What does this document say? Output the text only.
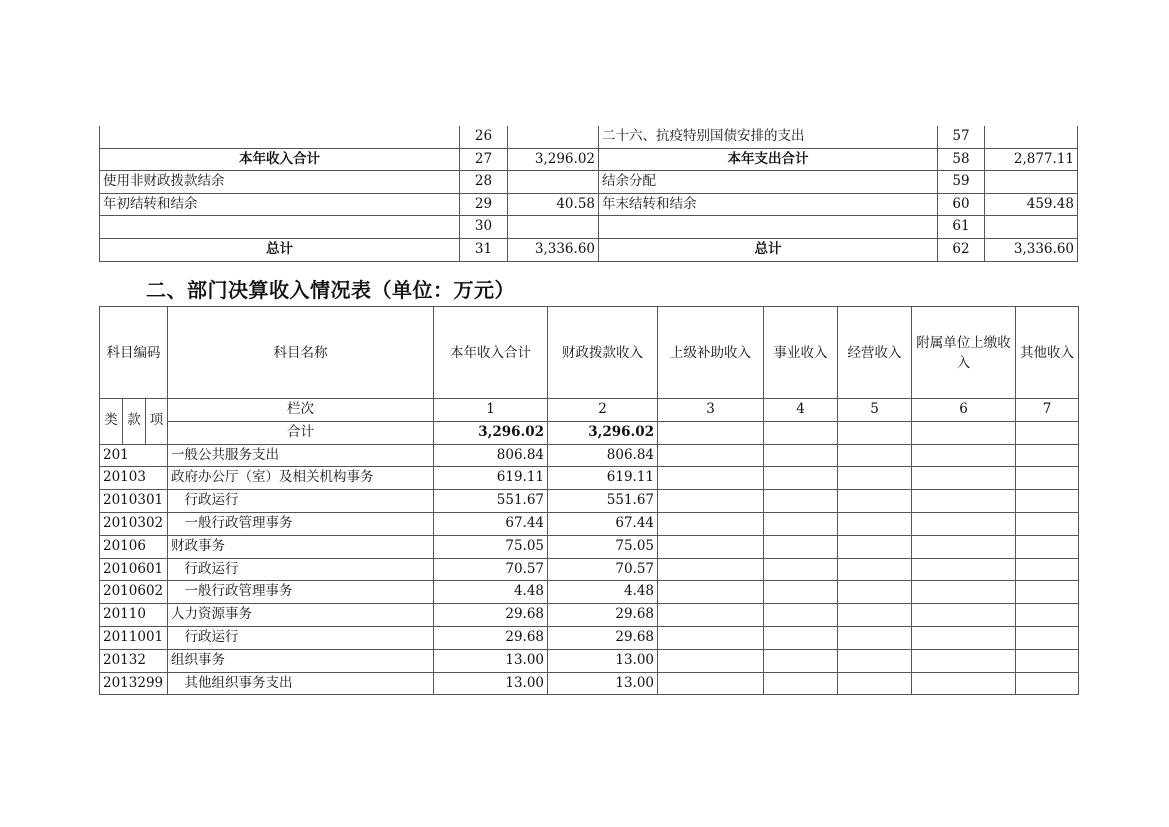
	26		二十六、抗疫特别国债安排的支出	57	
本年收入合计	27	3,296.02	本年支出合计	58	2,877.11
使用非财政拨款结余	28		结余分配	59	
年初结转和结余	29	40.58	年末结转和结余	60	459.48
	30			61	
总计	31	3,336.60	总计	62	3,336.60
二、部门决算收入情况表（单位：万元）
科目编码			科目名称	本年收入合计	财政拨款收入	上级补助收入	事业收入	经营收入	附属单位上缴收入	其他收入
类	款	项	栏次	1	2	3	4	5	6	7
			合计	3,296.02	3,296.02					
201			一般公共服务支出	806.84	806.84					
20103			政府办公厅（室）及相关机构事务	619.11	619.11					
2010301			　行政运行	551.67	551.67					
2010302			　一般行政管理事务	67.44	67.44					
20106			财政事务	75.05	75.05					
2010601			　行政运行	70.57	70.57					
2010602			　一般行政管理事务	4.48	4.48					
20110			人力资源事务	29.68	29.68					
2011001			　行政运行	29.68	29.68					
20132			组织事务	13.00	13.00					
2013299			　其他组织事务支出	13.00	13.00					
